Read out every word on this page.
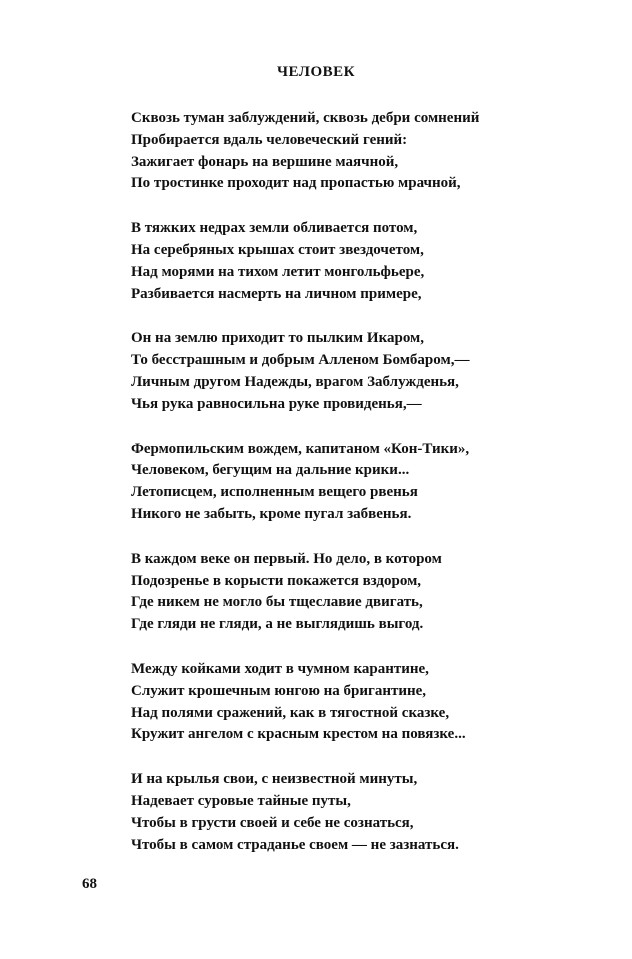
ЧЕЛОВЕК
Сквозь туман заблуждений, сквозь дебри сомнений
Пробирается вдаль человеческий гений:
Зажигает фонарь на вершине маячной,
По тростинке проходит над пропастью мрачной,
В тяжких недрах земли обливается потом,
На серебряных крышах стоит звездочетом,
Над морями на тихом летит монгольфьере,
Разбивается насмерть на личном примере,
Он на землю приходит то пылким Икаром,
То бесстрашным и добрым Алленом Бомбаром,—
Личным другом Надежды, врагом Заблужденья,
Чья рука равносильна руке провиденья,—
Фермопильским вождем, капитаном «Кон-Тики»,
Человеком, бегущим на дальние крики...
Летописцем, исполненным вещего рвенья
Никого не забыть, кроме пугал забвенья.
В каждом веке он первый. Но дело, в котором
Подозренье в корысти покажется вздором,
Где никем не могло бы тщеславие двигать,
Где гляди не гляди, а не выглядишь выгод.
Между койками ходит в чумном карантине,
Служит крошечным юнгою на бригантине,
Над полями сражений, как в тягостной сказке,
Кружит ангелом с красным крестом на повязке...
И на крылья свои, с неизвестной минуты,
Надевает суровые тайные путы,
Чтобы в грусти своей и себе не сознаться,
Чтобы в самом страданье своем — не зазнаться.
68
